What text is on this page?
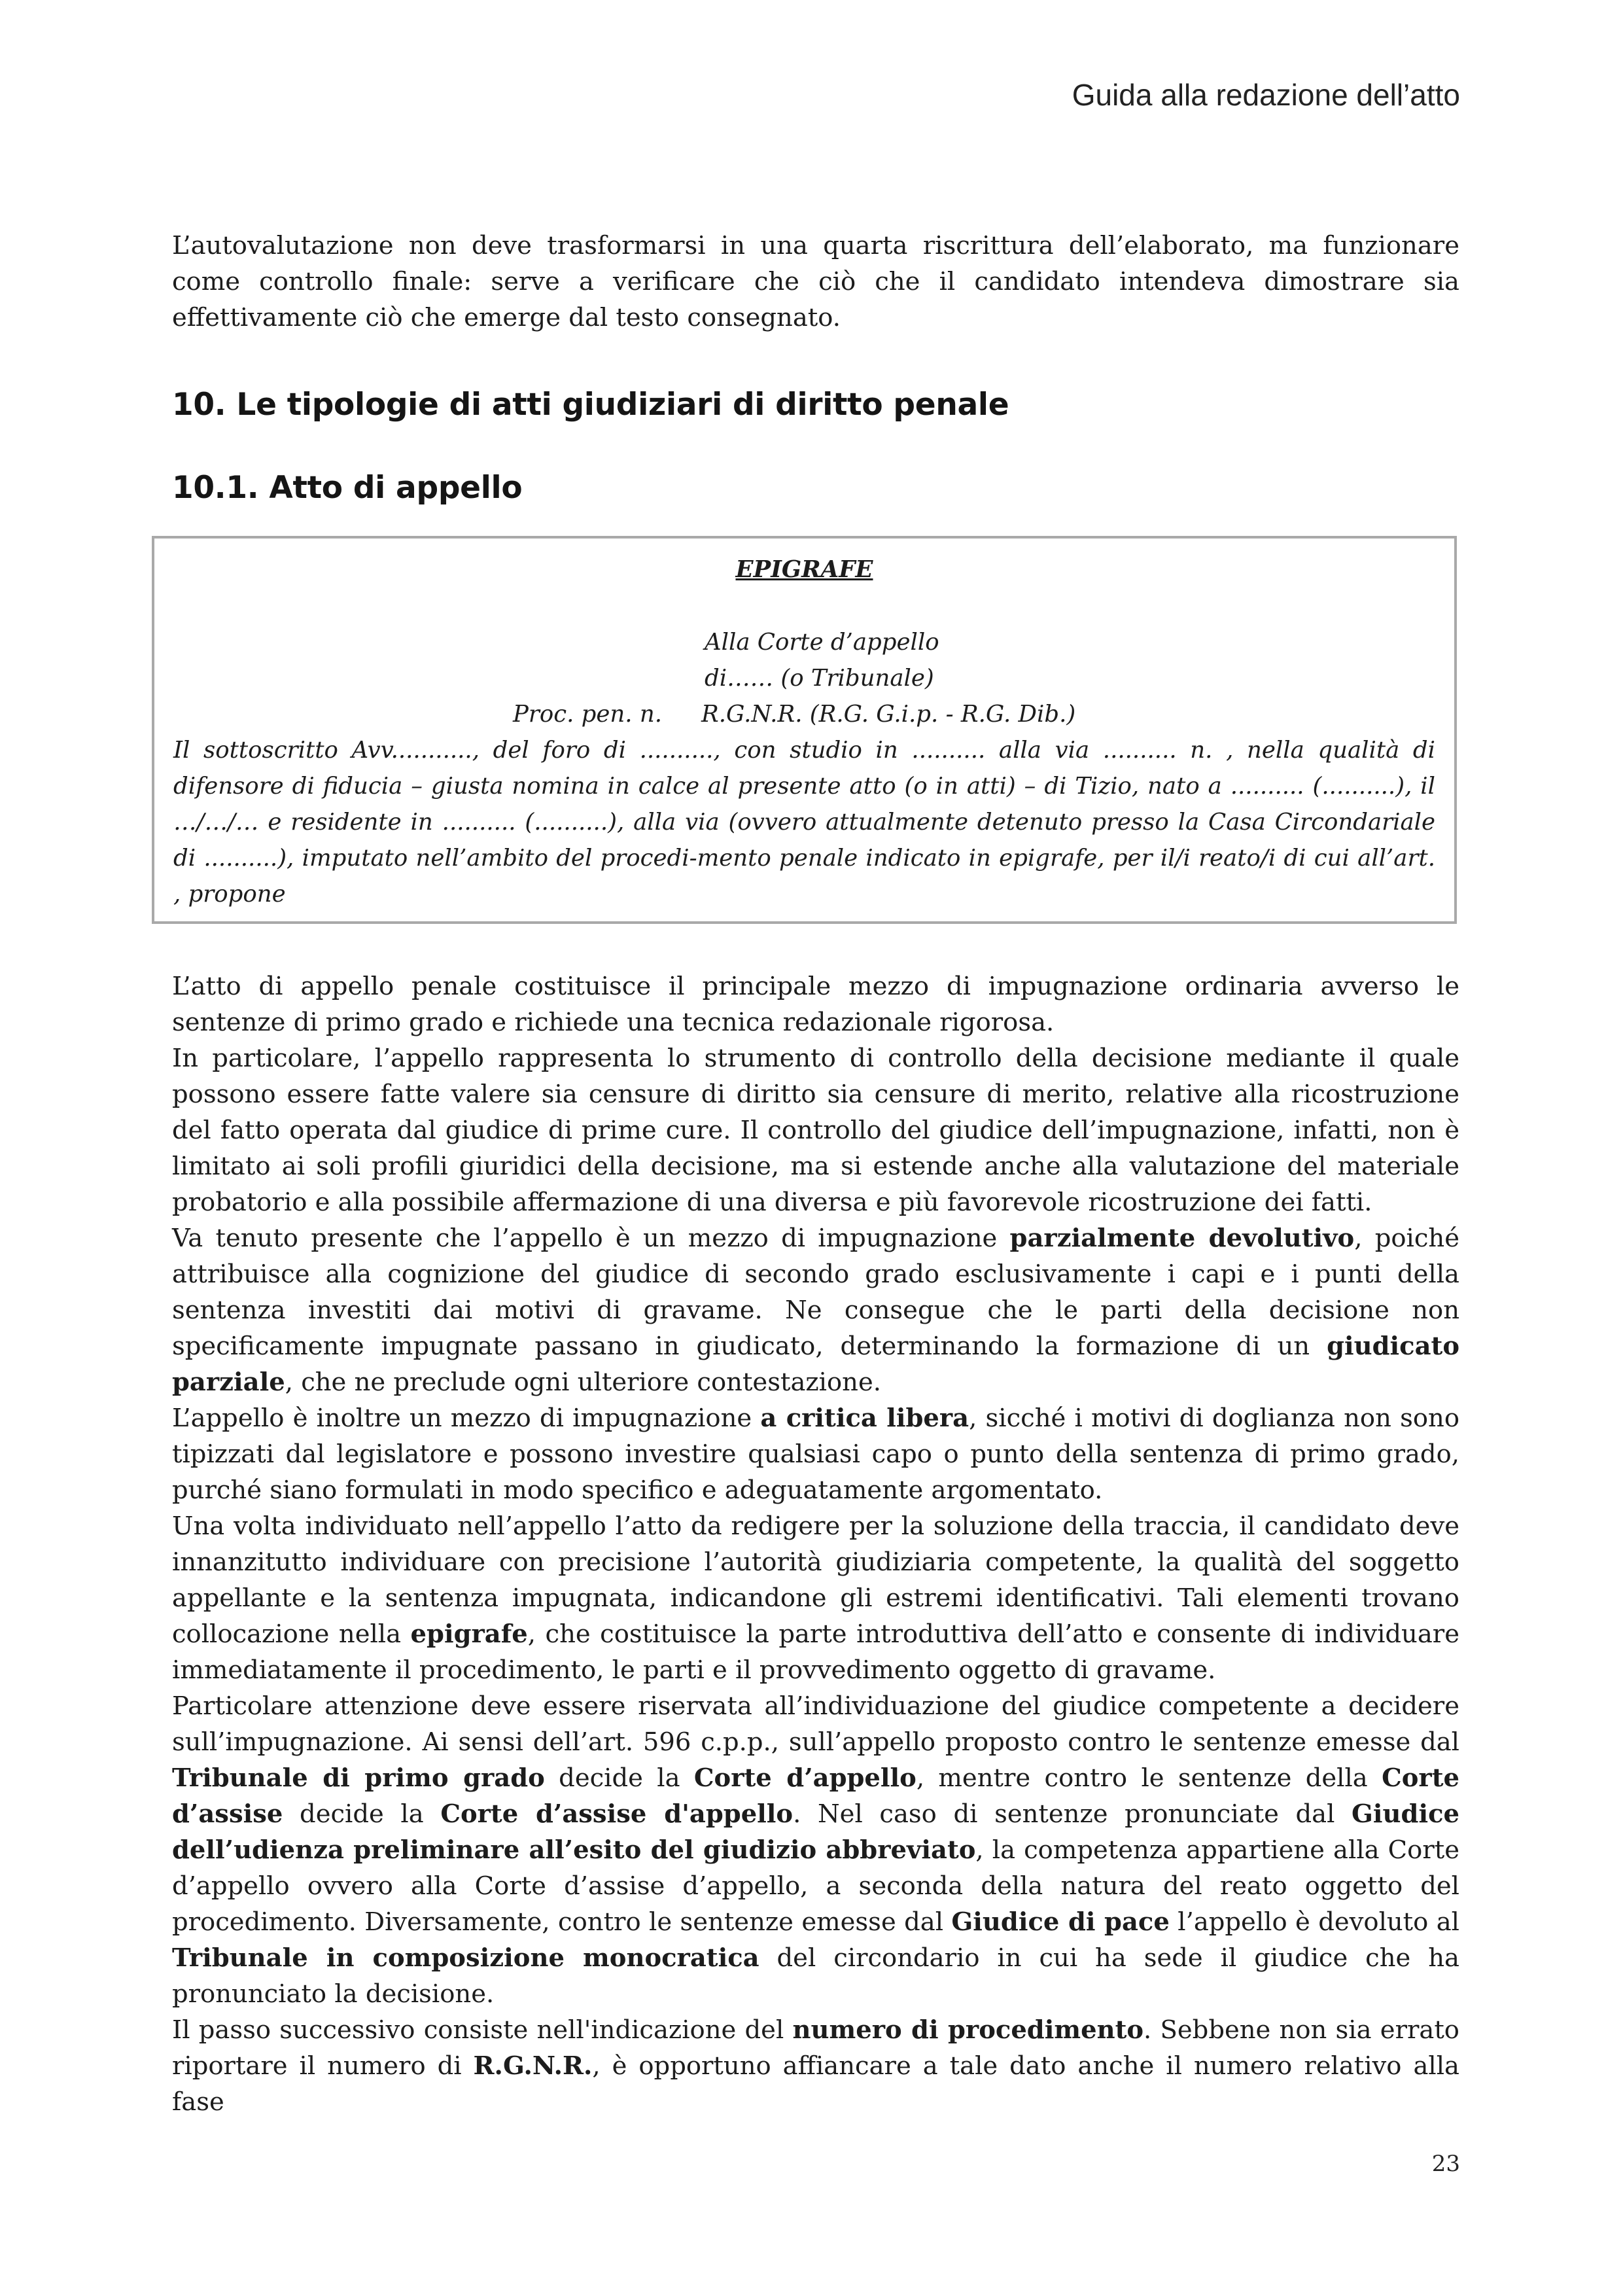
Guida alla redazione dell’atto

L’autovalutazione non deve trasformarsi in una quarta riscrittura dell’elaborato, ma funzionare come controllo finale: serve a verificare che ciò che il candidato intendeva dimostrare sia effettivamente ciò che emerge dal testo consegnato.

10. Le tipologie di atti giudiziari di diritto penale
10.1. Atto di appello
EPIGRAFE
Alla Corte d’appello
di…… (o Tribunale)
Proc. pen. n. R.G.N.R. (R.G. G.i.p. - R.G. Dib.)
Il sottoscritto Avv..........., del foro di .........., con studio in .......... alla via .......... n. , nella qualità di difensore di fiducia – giusta nomina in calce al presente atto (o in atti) – di Tizio, nato a .......... (..........), il …/…/… e residente in .......... (..........), alla via (ovvero attualmente detenuto presso la Casa Circondariale di ..........), imputato nell’ambito del procedi-mento penale indicato in epigrafe, per il/i reato/i di cui all’art. , propone

L’atto di appello penale costituisce il principale mezzo di impugnazione ordinaria avverso le sentenze di primo grado e richiede una tecnica redazionale rigorosa.

In particolare, l’appello rappresenta lo strumento di controllo della decisione mediante il quale possono essere fatte valere sia censure di diritto sia censure di merito, relative alla ricostruzione del fatto operata dal giudice di prime cure. Il controllo del giudice dell’impugnazione, infatti, non è limitato ai soli profili giuridici della decisione, ma si estende anche alla valutazione del materiale probatorio e alla possibile affermazione di una diversa e più favorevole ricostruzione dei fatti.

Va tenuto presente che l’appello è un mezzo di impugnazione parzialmente devolutivo, poiché attribuisce alla cognizione del giudice di secondo grado esclusivamente i capi e i punti della sentenza investiti dai motivi di gravame. Ne consegue che le parti della decisione non specificamente impugnate passano in giudicato, determinando la formazione di un giudicato parziale, che ne preclude ogni ulteriore contestazione.

L’appello è inoltre un mezzo di impugnazione a critica libera, sicché i motivi di doglianza non sono tipizzati dal legislatore e possono investire qualsiasi capo o punto della sentenza di primo grado, purché siano formulati in modo specifico e adeguatamente argomentato.

Una volta individuato nell’appello l’atto da redigere per la soluzione della traccia, il candidato deve innanzitutto individuare con precisione l’autorità giudiziaria competente, la qualità del soggetto appellante e la sentenza impugnata, indicandone gli estremi identificativi. Tali elementi trovano collocazione nella epigrafe, che costituisce la parte introduttiva dell’atto e consente di individuare immediatamente il procedimento, le parti e il provvedimento oggetto di gravame.

Particolare attenzione deve essere riservata all’individuazione del giudice competente a decidere sull’impugnazione. Ai sensi dell’art. 596 c.p.p., sull’appello proposto contro le sentenze emesse dal Tribunale di primo grado decide la Corte d’appello, mentre contro le sentenze della Corte d’assise decide la Corte d’assise d'appello. Nel caso di sentenze pronunciate dal Giudice dell’udienza preliminare all’esito del giudizio abbreviato, la competenza appartiene alla Corte d’appello ovvero alla Corte d’assise d’appello, a seconda della natura del reato oggetto del procedimento. Diversamente, contro le sentenze emesse dal Giudice di pace l’appello è devoluto al Tribunale in composizione monocratica del circondario in cui ha sede il giudice che ha pronunciato la decisione.

Il passo successivo consiste nell'indicazione del numero di procedimento. Sebbene non sia errato riportare il numero di R.G.N.R., è opportuno affiancare a tale dato anche il numero relativo alla fase

23
